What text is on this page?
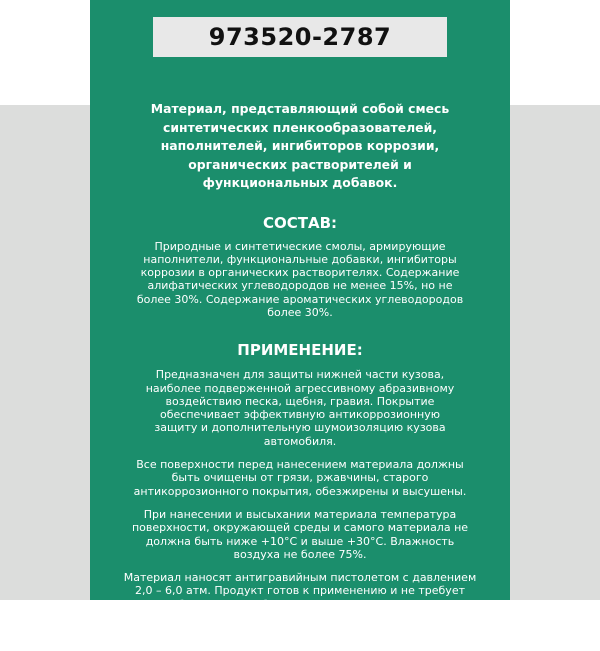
973520-2787

Материал, представляющий собой смесь синтетических пленкообразователей, наполнителей, ингибиторов коррозии, органических растворителей и функциональных добавок.

СОСТАВ:

Природные и синтетические смолы, армирующие наполнители, функциональные добавки, ингибиторы коррозии в органических растворителях. Содержание алифатических углеводородов не менее 15%, но не более 30%. Содержание ароматических углеводородов более 30%.

ПРИМЕНЕНИЕ:

Предназначен для защиты нижней части кузова, наиболее подверженной агрессивному абразивному воздействию песка, щебня, гравия. Покрытие обеспечивает эффективную антикоррозионную защиту и дополнительную шумоизоляцию кузова автомобиля.

Все поверхности перед нанесением материала должны быть очищены от грязи, ржавчины, старого антикоррозионного покрытия, обезжирены и высушены.

При нанесении и высыхании материала температура поверхности, окружающей среды и самого материала не должна быть ниже +10°С и выше +30°С. Влажность воздуха не более 75%.

Материал наносят антигравийным пистолетом с давлением 2,0 – 6,0 атм. Продукт готов к применению и не требует разбавления. Необходимо перемешать продукт, переворачивая емкость в вертикальной плоскости в течение не менее 1 минуты. Нанести материал на поверхность ровным слоем.
